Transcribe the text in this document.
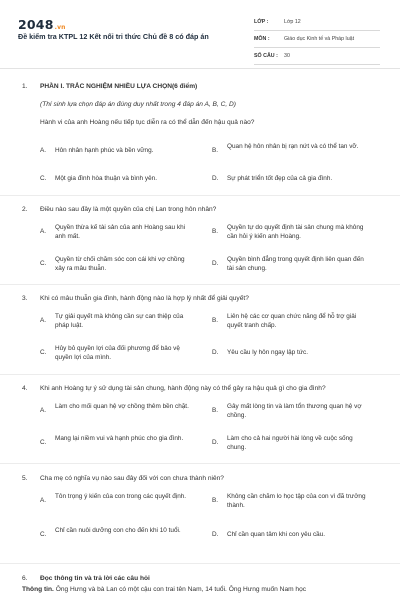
2048.vn
Đề kiểm tra KTPL 12 Kết nối tri thức Chủ đề 8 có đáp án
LỚP :	Lớp 12
MÔN :	Giáo dục Kinh tế và Pháp luật
SỐ CÂU : 30
1. PHẦN I. TRẮC NGHIỆM NHIỀU LỰA CHỌN(6 điểm)
(Thí sinh lựa chọn đáp án đúng duy nhất trong 4 đáp án A, B, C, D)
Hành vi của anh Hoàng nếu tiếp tục diễn ra có thể dẫn đến hậu quả nào?
A. Hôn nhân hạnh phúc và bền vững.	B.
Quan hệ hôn nhân bị rạn nứt và có thể tan vỡ.
C. Một gia đình hòa thuận và bình yên.	D. Sự phát triển tốt đẹp của cả gia đình.
2. Điều nào sau đây là một quyền của chị Lan trong hôn nhân?
A.
Quyền thừa kế tài sản của anh Hoàng sau khi anh mất.
B.
Quyền tự do quyết định tài sản chung mà không cần hỏi ý kiến anh Hoàng.
C.
Quyền từ chối chăm sóc con cái khi vợ chồng xảy ra mâu thuẫn.
D.
Quyền bình đẳng trong quyết định liên quan đến tài sản chung.
3. Khi có mâu thuẫn gia đình, hành động nào là hợp lý nhất để giải quyết?
A.
Tự giải quyết mà không cần sự can thiệp của pháp luật.
B.
Liên hệ các cơ quan chức năng để hỗ trợ giải quyết tranh chấp.
C.
Hủy bỏ quyền lợi của đối phương để bảo vệ quyền lợi của mình.
D. Yêu cầu ly hôn ngay lập tức.
4. Khi anh Hoàng tự ý sử dụng tài sản chung, hành động này có thể gây ra hậu quả gì cho gia đình?
A.
Làm cho mối quan hệ vợ chồng thêm bền chặt.
B.
Gây mất lòng tin và làm tổn thương quan hệ vợ chồng.
C.
Mang lại niềm vui và hạnh phúc cho gia đình.
D.
Làm cho cả hai người hài lòng về cuộc sống chung.
5. Cha mẹ có nghĩa vụ nào sau đây đối với con chưa thành niên?
A.
Tôn trọng ý kiến của con trong các quyết định.
B.
Không cần chăm lo học tập của con vì đã trưởng thành.
C.
Chỉ cần nuôi dưỡng con cho đến khi 10 tuổi.
D. Chỉ cần quan tâm khi con yêu cầu.
6. Đọc thông tin và trả lời các câu hỏi
Thông tin. Ông Hưng và bà Lan có một cậu con trai tên Nam, 14 tuổi. Ông Hưng muốn Nam học
